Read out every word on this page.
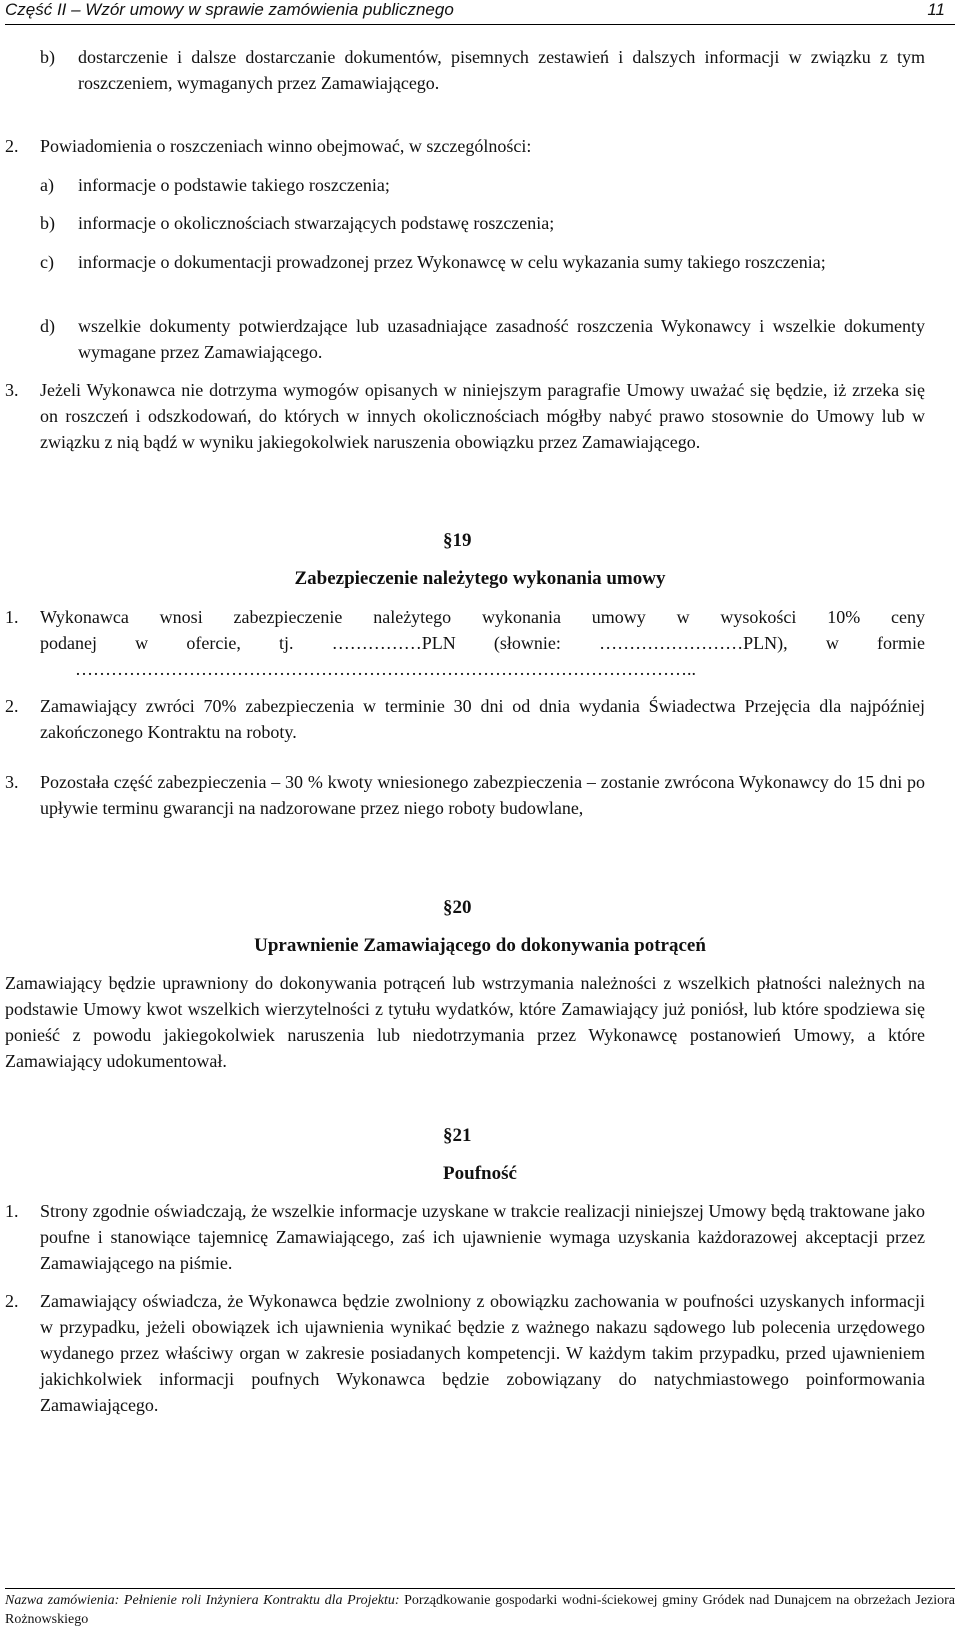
Część II – Wzór umowy w sprawie zamówienia publicznego	11
b) dostarczenie i dalsze dostarczanie dokumentów, pisemnych zestawień i dalszych informacji w związku z tym roszczeniem, wymaganych przez Zamawiającego.
2. Powiadomienia o roszczeniach winno obejmować, w szczególności:
a) informacje o podstawie takiego roszczenia;
b) informacje o okolicznościach stwarzających podstawę roszczenia;
c) informacje o dokumentacji prowadzonej przez Wykonawcę w celu wykazania sumy takiego roszczenia;
d) wszelkie dokumenty potwierdzające lub uzasadniające zasadność roszczenia Wykonawcy i wszelkie dokumenty wymagane przez Zamawiającego.
3. Jeżeli Wykonawca nie dotrzyma wymogów opisanych w niniejszym paragrafie Umowy uważać się będzie, iż zrzeka się on roszczeń i odszkodowań, do których w innych okolicznościach mógłby nabyć prawo stosownie do Umowy lub w związku z nią bądź w wyniku jakiegokolwiek naruszenia obowiązku przez Zamawiającego.
§19
Zabezpieczenie należytego wykonania umowy
1. Wykonawca wnosi zabezpieczenie należytego wykonania umowy w wysokości 10% ceny
podanej w ofercie, tj. ……………PLN (słownie: ……………………PLN), w formie
…………………………………………………………………………………………..
2. Zamawiający zwróci 70% zabezpieczenia w terminie 30 dni od dnia wydania Świadectwa Przejęcia dla najpóźniej zakończonego Kontraktu na roboty.
3. Pozostała część zabezpieczenia – 30 % kwoty wniesionego zabezpieczenia – zostanie zwrócona Wykonawcy do 15 dni po upływie terminu gwarancji na nadzorowane przez niego roboty budowlane,
§20
Uprawnienie Zamawiającego do dokonywania potrąceń
Zamawiający będzie uprawniony do dokonywania potrąceń lub wstrzymania należności z wszelkich płatności należnych na podstawie Umowy kwot wszelkich wierzytelności z tytułu wydatków, które Zamawiający już poniósł, lub które spodziewa się ponieść z powodu jakiegokolwiek naruszenia lub niedotrzymania przez Wykonawcę postanowień Umowy, a które Zamawiający udokumentował.
§21
Poufność
1. Strony zgodnie oświadczają, że wszelkie informacje uzyskane w trakcie realizacji niniejszej Umowy będą traktowane jako poufne i stanowiące tajemnicę Zamawiającego, zaś ich ujawnienie wymaga uzyskania każdorazowej akceptacji przez Zamawiającego na piśmie.
2. Zamawiający oświadcza, że Wykonawca będzie zwolniony z obowiązku zachowania w poufności uzyskanych informacji w przypadku, jeżeli obowiązek ich ujawnienia wynikać będzie z ważnego nakazu sądowego lub polecenia urzędowego wydanego przez właściwy organ w zakresie posiadanych kompetencji. W każdym takim przypadku, przed ujawnieniem jakichkolwiek informacji poufnych Wykonawca będzie zobowiązany do natychmiastowego poinformowania Zamawiającego.
Nazwa zamówienia: Pełnienie roli Inżyniera Kontraktu dla Projektu: Porządkowanie gospodarki wodni-ściekowej gminy Gródek nad Dunajcem na obrzeżach Jeziora Rożnowskiego
